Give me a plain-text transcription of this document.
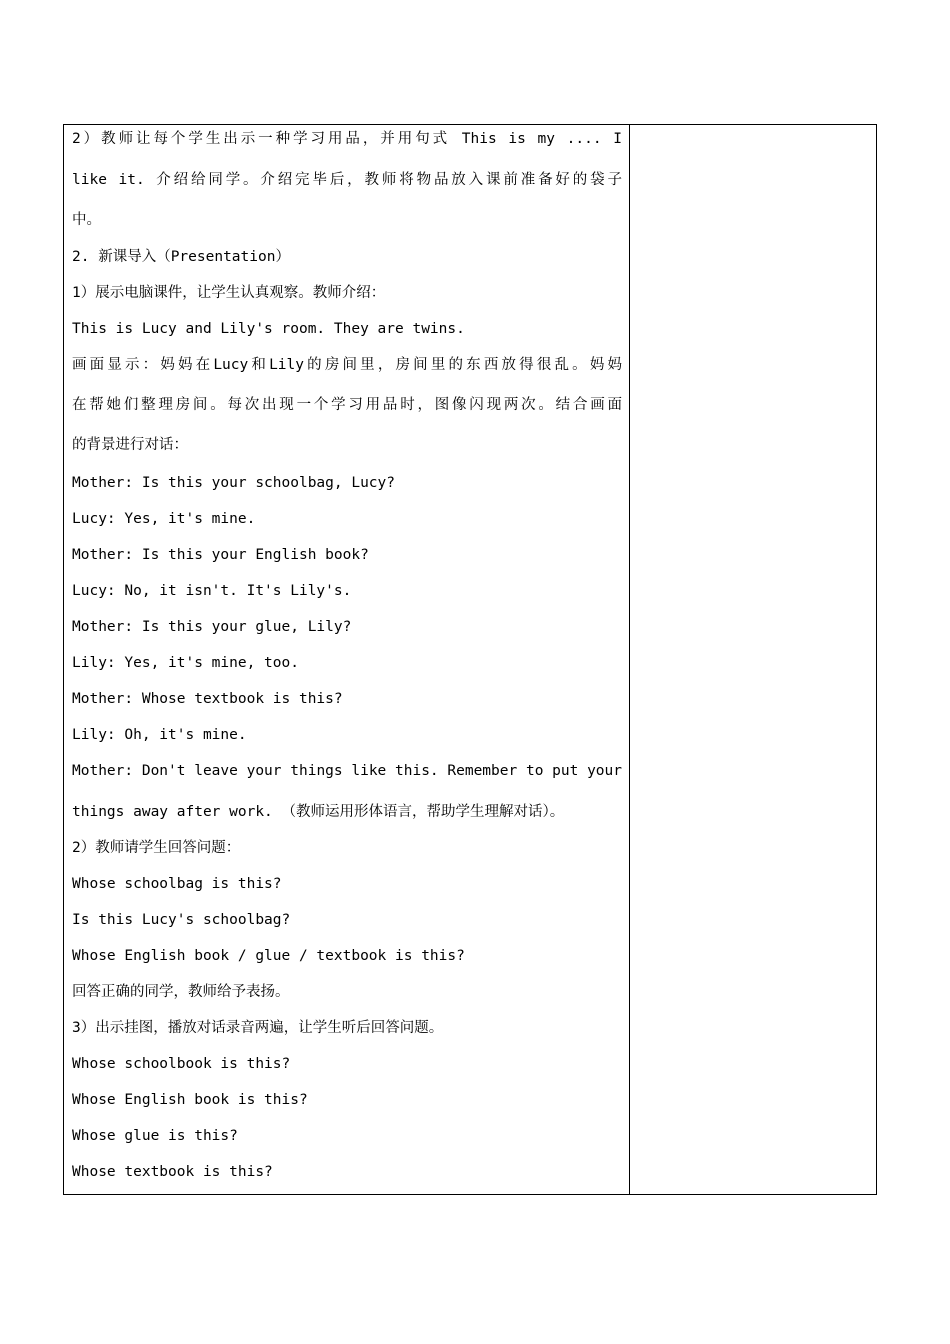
2）教师让每个学生出示一种学习用品，并用句式 This is my .... I
like it. 介绍给同学。介绍完毕后，教师将物品放入课前准备好的袋子
中。
2. 新课导入（Presentation）
1）展示电脑课件，让学生认真观察。教师介绍：
This is Lucy and Lily's room. They are twins.
画面显示：妈妈在Lucy和Lily的房间里，房间里的东西放得很乱。妈妈
在帮她们整理房间。每次出现一个学习用品时，图像闪现两次。结合画面
的背景进行对话：
Mother: Is this your schoolbag, Lucy?
Lucy: Yes, it's mine.
Mother: Is this your English book?
Lucy: No, it isn't. It's Lily's.
Mother: Is this your glue, Lily?
Lily: Yes, it's mine, too.
Mother: Whose textbook is this?
Lily: Oh, it's mine.
Mother: Don't leave your things like this. Remember to put your
things away after work. （教师运用形体语言，帮助学生理解对话）。
2）教师请学生回答问题：
Whose schoolbag is this?
Is this Lucy's schoolbag?
Whose English book / glue / textbook is this?
回答正确的同学，教师给予表扬。
3）出示挂图，播放对话录音两遍，让学生听后回答问题。
Whose schoolbook is this?
Whose English book is this?
Whose glue is this?
Whose textbook is this?
